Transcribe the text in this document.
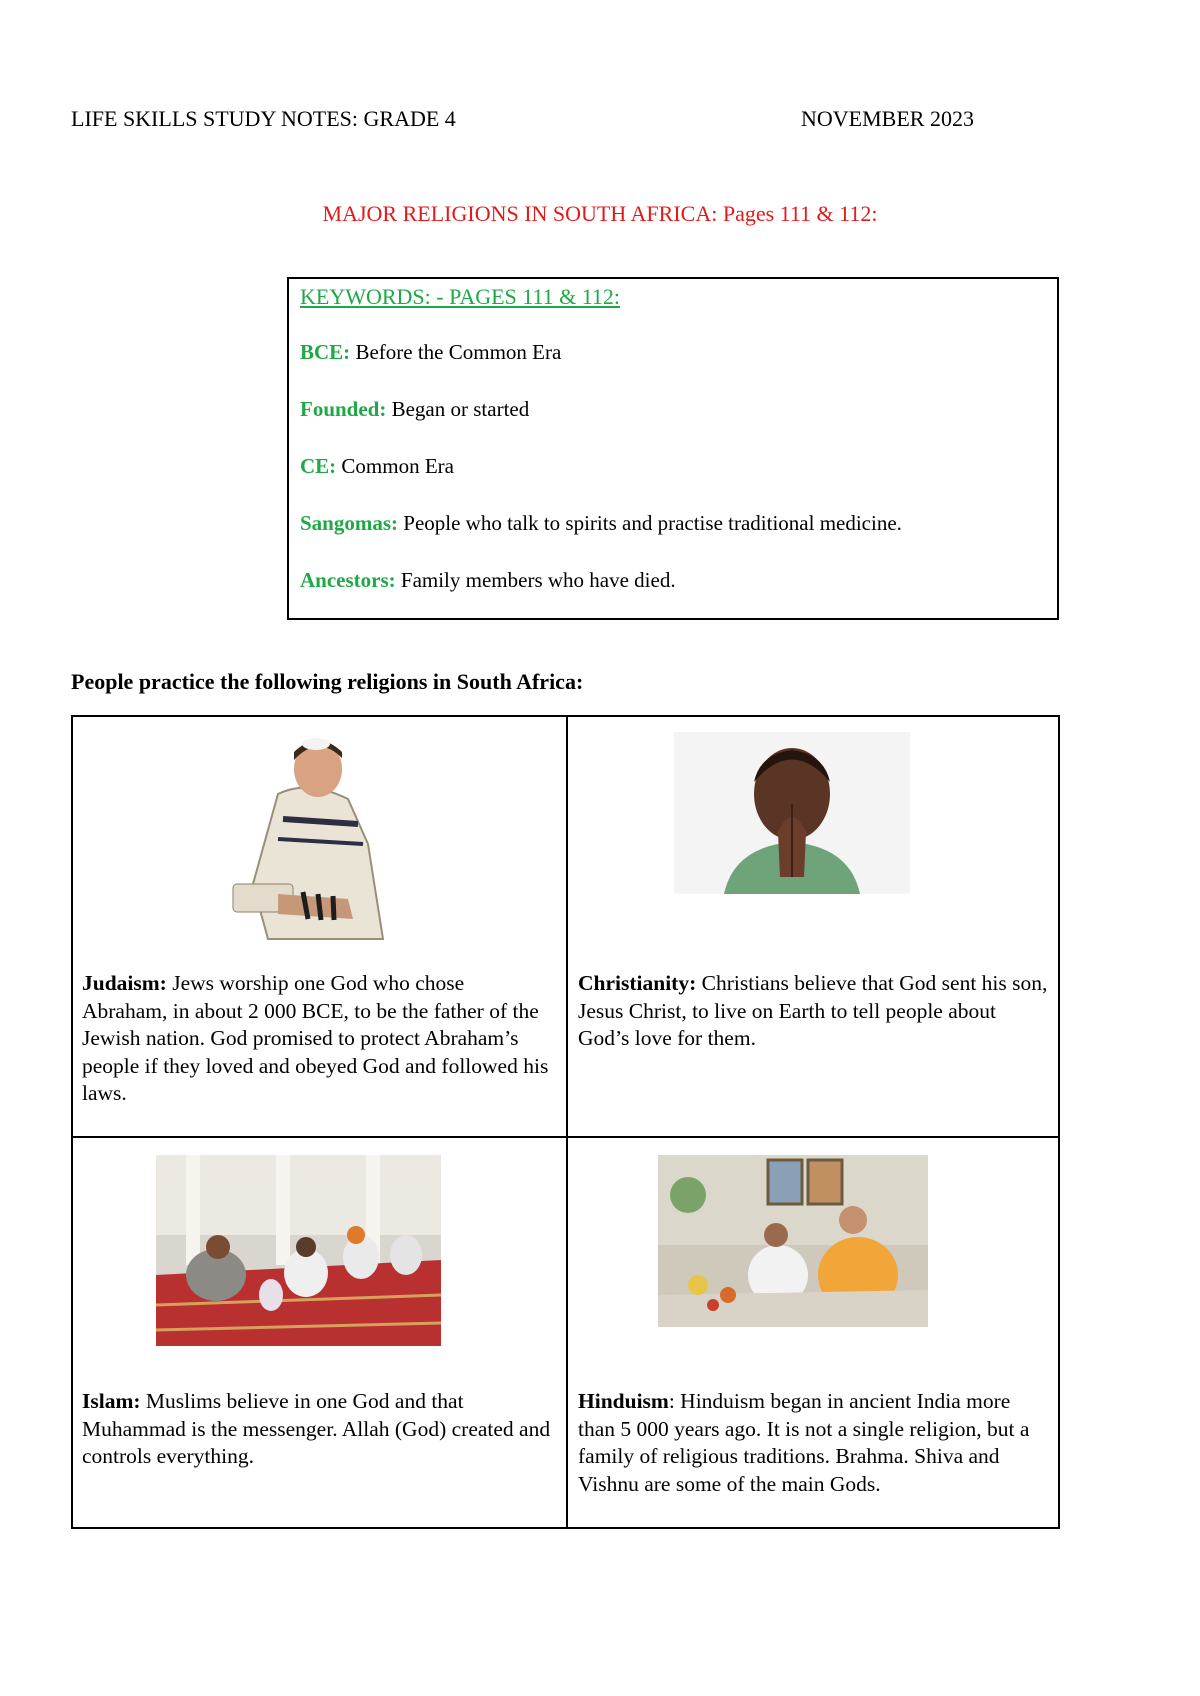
LIFE SKILLS STUDY NOTES: GRADE 4	NOVEMBER 2023
MAJOR RELIGIONS IN SOUTH AFRICA: Pages 111 & 112:
KEYWORDS: - PAGES 111 & 112:
BCE: Before the Common Era
Founded: Began or started
CE: Common Era
Sangomas: People who talk to spirits and practise traditional medicine.
Ancestors: Family members who have died.
People practice the following religions in South Africa:
Judaism: Jews worship one God who chose Abraham, in about 2 000 BCE, to be the father of the Jewish nation. God promised to protect Abraham’s people if they loved and obeyed God and followed his laws.
Christianity: Christians believe that God sent his son, Jesus Christ, to live on Earth to tell people about God’s love for them.
Islam: Muslims believe in one God and that Muhammad is the messenger. Allah (God) created and controls everything.
Hinduism: Hinduism began in ancient India more than 5 000 years ago. It is not a single religion, but a family of religious traditions. Brahma. Shiva and Vishnu are some of the main Gods.
